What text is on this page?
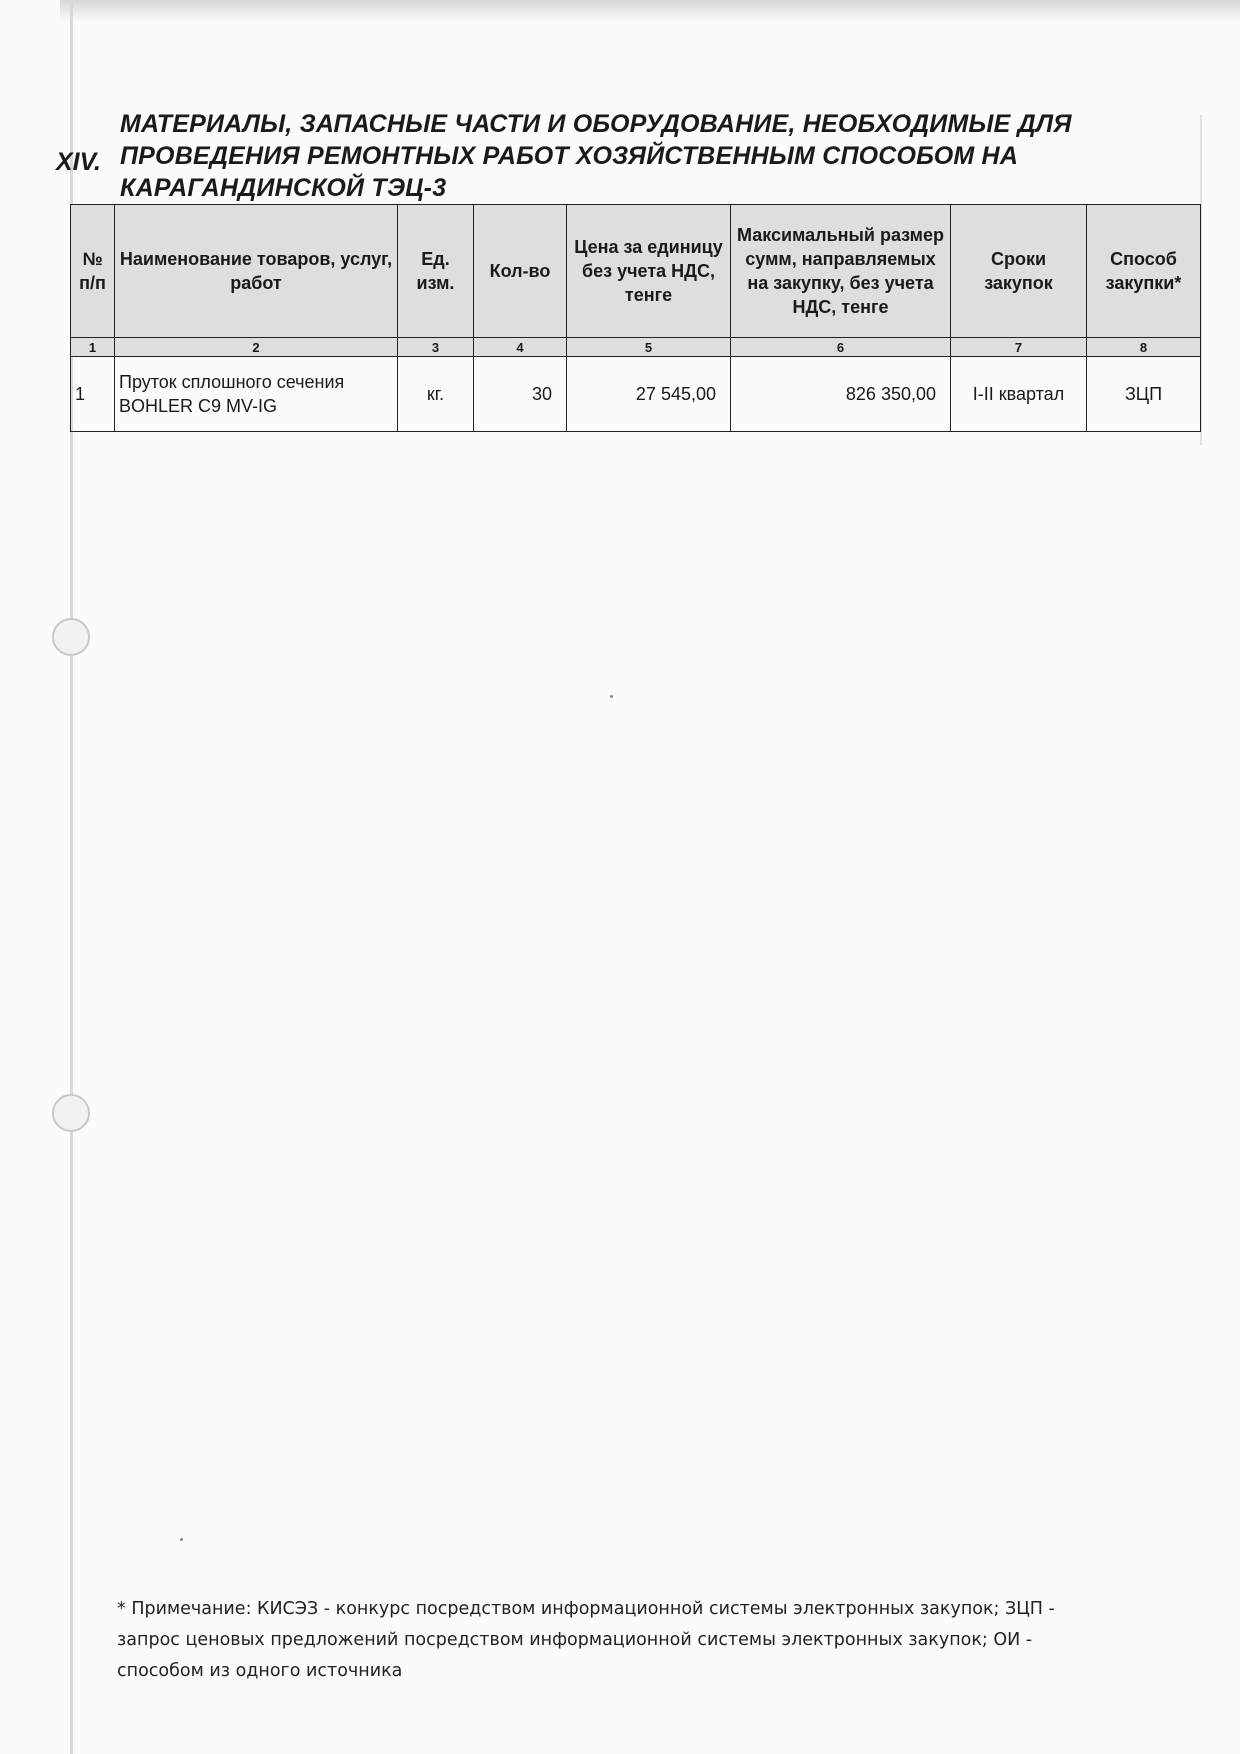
XIV.
МАТЕРИАЛЫ, ЗАПАСНЫЕ ЧАСТИ И ОБОРУДОВАНИЕ, НЕОБХОДИМЫЕ ДЛЯ
ПРОВЕДЕНИЯ РЕМОНТНЫХ РАБОТ ХОЗЯЙСТВЕННЫМ СПОСОБОМ НА
КАРАГАНДИНСКОЙ ТЭЦ-3
№ п/п	Наименование товаров, услуг, работ	Ед. изм.	Кол-во	Цена за единицу без учета НДС, тенге	Максимальный размер сумм, направляемых на закупку, без учета НДС, тенге	Сроки закупок	Способ закупки*
1	2	3	4	5	6	7	8
1	Пруток сплошного сечения BOHLER C9 MV-IG	кг.	30	27 545,00	826 350,00	I-II квартал	ЗЦП
* Примечание: КИСЭЗ - конкурс посредством информационной системы электронных закупок; ЗЦП - запрос ценовых предложений посредством информационной системы электронных закупок; ОИ - способом из одного источника
